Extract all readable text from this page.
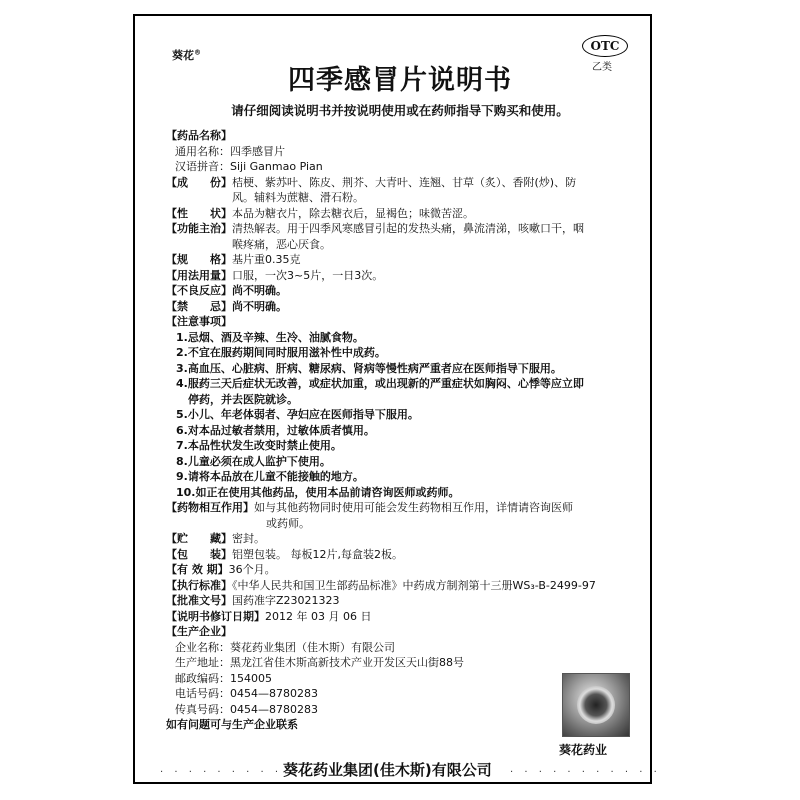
葵花®	OTC
乙类
四季感冒片说明书
请仔细阅读说明书并按说明使用或在药师指导下购买和使用。
【药品名称】
通用名称：四季感冒片
汉语拼音：Siji Ganmao Pian
【成　　份】桔梗、紫苏叶、陈皮、荆芥、大青叶、连翘、甘草（炙）、香附(炒)、防
风。辅料为蔗糖、滑石粉。
【性　　状】本品为糖衣片，除去糖衣后，显褐色；味微苦涩。
【功能主治】清热解表。用于四季风寒感冒引起的发热头痛，鼻流清涕，咳嗽口干，咽
喉疼痛，恶心厌食。
【规　　格】基片重0.35克
【用法用量】口服，一次3~5片，一日3次。
【不良反应】尚不明确。
【禁　　忌】尚不明确。
【注意事项】
1.忌烟、酒及辛辣、生冷、油腻食物。
2.不宜在服药期间同时服用滋补性中成药。
3.高血压、心脏病、肝病、糖尿病、肾病等慢性病严重者应在医师指导下服用。
4.服药三天后症状无改善，或症状加重，或出现新的严重症状如胸闷、心悸等应立即
停药，并去医院就诊。
5.小儿、年老体弱者、孕妇应在医师指导下服用。
6.对本品过敏者禁用，过敏体质者慎用。
7.本品性状发生改变时禁止使用。
8.儿童必须在成人监护下使用。
9.请将本品放在儿童不能接触的地方。
10.如正在使用其他药品，使用本品前请咨询医师或药师。
【药物相互作用】如与其他药物同时使用可能会发生药物相互作用，详情请咨询医师
或药师。
【贮　　藏】密封。
【包　　装】铝塑包装。 每板12片,每盒装2板。
【有 效 期】36个月。
【执行标准】《中华人民共和国卫生部药品标准》中药成方制剂第十三册WS₃-B-2499-97
【批准文号】国药准字Z23021323
【说明书修订日期】2012 年 03 月 06 日
【生产企业】
企业名称：葵花药业集团（佳木斯）有限公司
生产地址：黑龙江省佳木斯高新技术产业开发区天山街88号
邮政编码：154005
电话号码：0454—8780283
传真号码：0454—8780283
如有问题可与生产企业联系
葵花药业
· · · · · · · · · · ·
葵花药业集团(佳木斯)有限公司 · · · · · · · · · · ·
